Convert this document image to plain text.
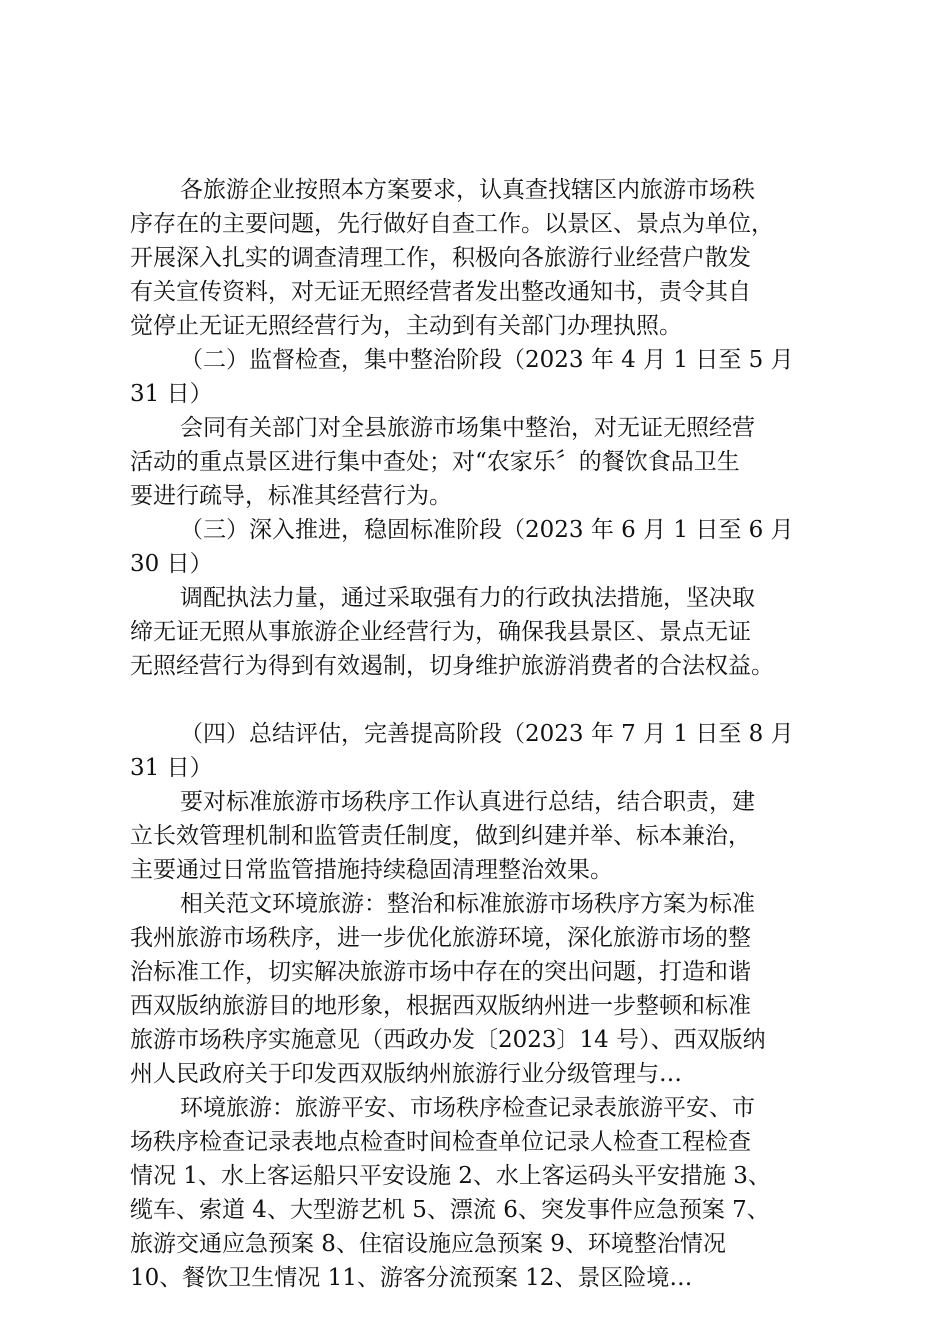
各旅游企业按照本方案要求，认真查找辖区内旅游市场秩
序存在的主要问题，先行做好自查工作。以景区、景点为单位，
开展深入扎实的调查清理工作，积极向各旅游行业经营户散发
有关宣传资料，对无证无照经营者发出整改通知书，责令其自
觉停止无证无照经营行为，主动到有关部门办理执照。
（二）监督检查，集中整治阶段（2023 年 4 月 1 日至 5 月
31 日）
会同有关部门对全县旅游市场集中整治，对无证无照经营
活动的重点景区进行集中查处；对“农家乐〞的餐饮食品卫生
要进行疏导，标准其经营行为。
（三）深入推进，稳固标准阶段（2023 年 6 月 1 日至 6 月
30 日）
调配执法力量，通过采取强有力的行政执法措施，坚决取
缔无证无照从事旅游企业经营行为，确保我县景区、景点无证
无照经营行为得到有效遏制，切身维护旅游消费者的合法权益。
（四）总结评估，完善提高阶段（2023 年 7 月 1 日至 8 月
31 日）
要对标准旅游市场秩序工作认真进行总结，结合职责，建
立长效管理机制和监管责任制度，做到纠建并举、标本兼治，
主要通过日常监管措施持续稳固清理整治效果。
相关范文环境旅游：整治和标准旅游市场秩序方案为标准
我州旅游市场秩序，进一步优化旅游环境，深化旅游市场的整
治标准工作，切实解决旅游市场中存在的突出问题，打造和谐
西双版纳旅游目的地形象，根据西双版纳州进一步整顿和标准
旅游市场秩序实施意见（西政办发〔2023〕14 号）、西双版纳
州人民政府关于印发西双版纳州旅游行业分级管理与…
环境旅游：旅游平安、市场秩序检查记录表旅游平安、市
场秩序检查记录表地点检查时间检查单位记录人检查工程检查
情况 1、水上客运船只平安设施 2、水上客运码头平安措施 3、
缆车、索道 4、大型游艺机 5、漂流 6、突发事件应急预案 7、
旅游交通应急预案 8、住宿设施应急预案 9、环境整治情况
10、餐饮卫生情况 11、游客分流预案 12、景区险境…
